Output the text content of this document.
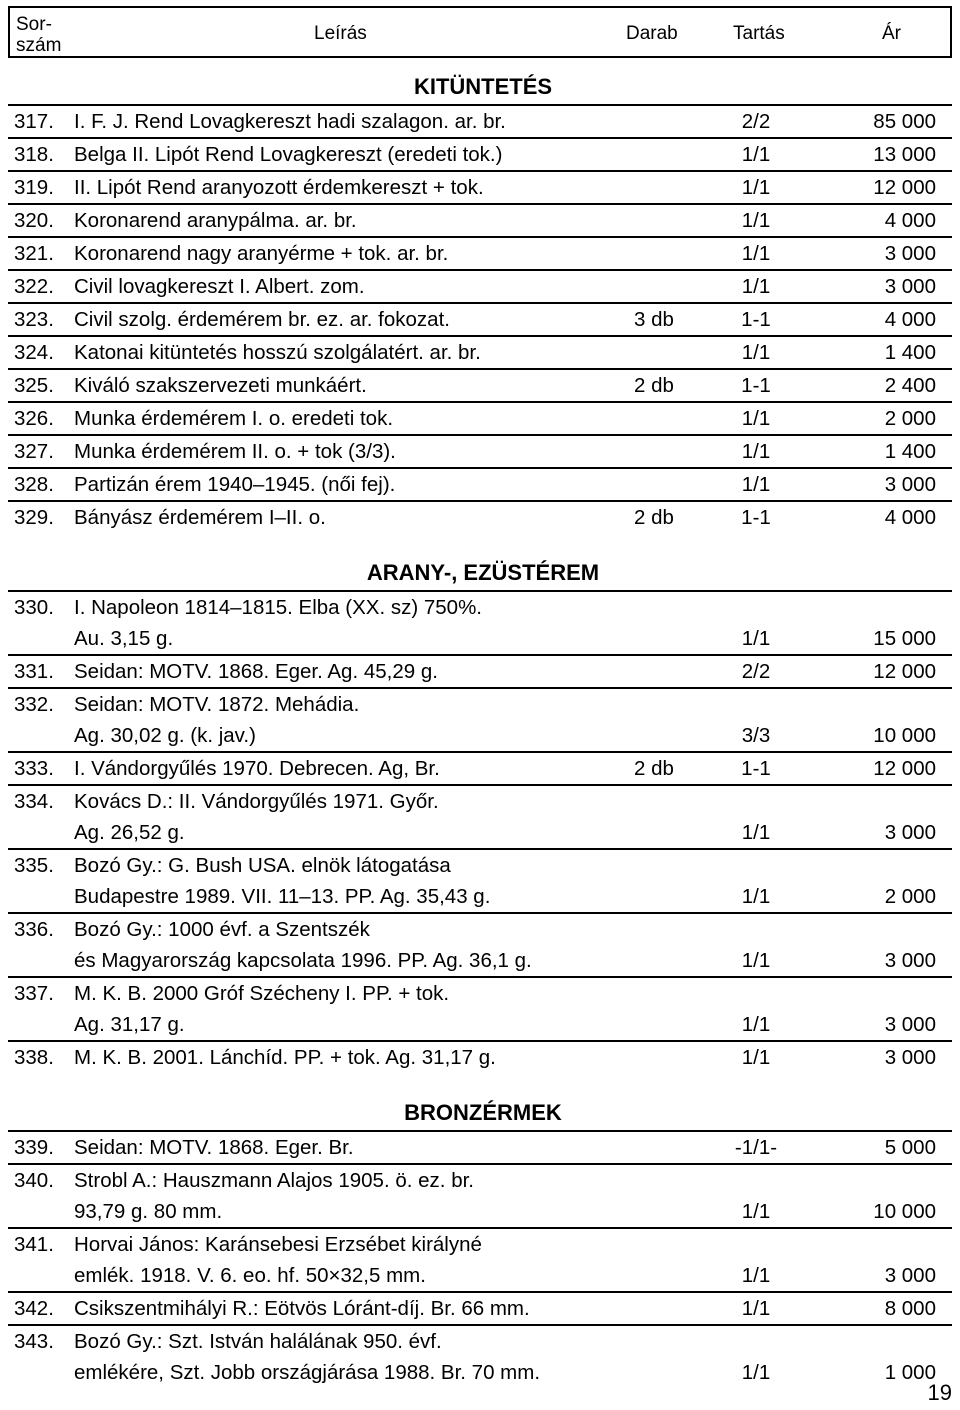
Sor-
szám
Leírás	Darab	Tartás	Ár
KITÜNTETÉS
317. I. F. J. Rend Lovagkereszt hadi szalagon. ar. br.	2/2	85 000
318. Belga II. Lipót Rend Lovagkereszt (eredeti tok.)	1/1	13 000
319. II. Lipót Rend aranyozott érdemkereszt + tok.	1/1	12 000
320. Koronarend aranypálma. ar. br.	1/1	4 000
321. Koronarend nagy aranyérme + tok. ar. br.	1/1	3 000
322. Civil lovagkereszt I. Albert. zom.	1/1	3 000
323. Civil szolg. érdemérem br. ez. ar. fokozat.	3 db	1-1	4 000
324. Katonai kitüntetés hosszú szolgálatért. ar. br.	1/1	1 400
325. Kiváló szakszervezeti munkáért.	2 db	1-1	2 400
326. Munka érdemérem I. o. eredeti tok.	1/1	2 000
327. Munka érdemérem II. o. + tok (3/3).	1/1	1 400
328. Partizán érem 1940–1945. (női fej).	1/1	3 000
329. Bányász érdemérem I–II. o.	2 db	1-1	4 000
ARANY-, EZÜSTÉREM
330. I. Napoleon 1814–1815. Elba (XX. sz) 750%.
Au. 3,15 g.	1/1	15 000
331. Seidan: MOTV. 1868. Eger. Ag. 45,29 g.	2/2	12 000
332. Seidan: MOTV. 1872. Mehádia.
Ag. 30,02 g. (k. jav.)	3/3	10 000
333. I. Vándorgyűlés 1970. Debrecen. Ag, Br.	2 db	1-1	12 000
334. Kovács D.: II. Vándorgyűlés 1971. Győr.
Ag. 26,52 g.	1/1	3 000
335. Bozó Gy.: G. Bush USA. elnök látogatása
Budapestre 1989. VII. 11–13. PP. Ag. 35,43 g.	1/1	2 000
336. Bozó Gy.: 1000 évf. a Szentszék
és Magyarország kapcsolata 1996. PP. Ag. 36,1 g.	1/1	3 000
337. M. K. B. 2000 Gróf Szécheny I. PP. + tok.
Ag. 31,17 g.	1/1	3 000
338. M. K. B. 2001. Lánchíd. PP. + tok. Ag. 31,17 g.	1/1	3 000
BRONZÉRMEK
339. Seidan: MOTV. 1868. Eger. Br.	-1/1-	5 000
340. Strobl A.: Hauszmann Alajos 1905. ö. ez. br.
93,79 g. 80 mm.	1/1	10 000
341. Horvai János: Karánsebesi Erzsébet királyné
emlék. 1918. V. 6. eo. hf. 50×32,5 mm.	1/1	3 000
342. Csikszentmihályi R.: Eötvös Lóránt-díj. Br. 66 mm.	1/1	8 000
343. Bozó Gy.: Szt. István halálának 950. évf.
emlékére, Szt. Jobb országjárása 1988. Br. 70 mm.	1/1	1 000
19
